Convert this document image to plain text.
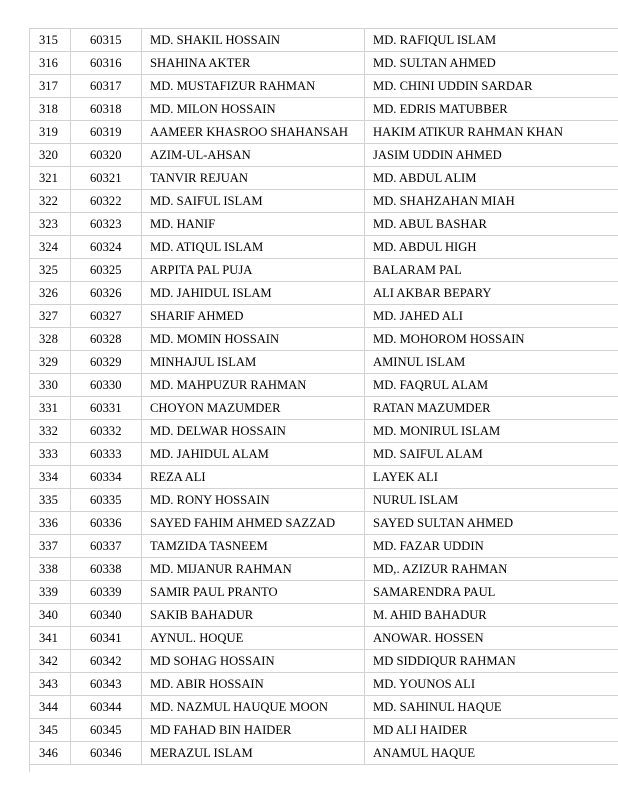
315	60315	MD. SHAKIL HOSSAIN	MD. RAFIQUL ISLAM
316	60316	SHAHINA AKTER	MD. SULTAN AHMED
317	60317	MD. MUSTAFIZUR RAHMAN	MD. CHINI UDDIN SARDAR
318	60318	MD. MILON HOSSAIN	MD. EDRIS MATUBBER
319	60319	AAMEER KHASROO SHAHANSAH	HAKIM ATIKUR RAHMAN KHAN
320	60320	AZIM-UL-AHSAN	JASIM UDDIN AHMED
321	60321	TANVIR REJUAN	MD. ABDUL ALIM
322	60322	MD. SAIFUL ISLAM	MD. SHAHZAHAN MIAH
323	60323	MD. HANIF	MD. ABUL BASHAR
324	60324	MD. ATIQUL ISLAM	MD. ABDUL HIGH
325	60325	ARPITA PAL PUJA	BALARAM PAL
326	60326	MD. JAHIDUL ISLAM	ALI AKBAR BEPARY
327	60327	SHARIF AHMED	MD. JAHED ALI
328	60328	MD. MOMIN HOSSAIN	MD. MOHOROM HOSSAIN
329	60329	MINHAJUL ISLAM	AMINUL ISLAM
330	60330	MD. MAHPUZUR RAHMAN	MD. FAQRUL ALAM
331	60331	CHOYON MAZUMDER	RATAN MAZUMDER
332	60332	MD. DELWAR HOSSAIN	MD. MONIRUL ISLAM
333	60333	MD. JAHIDUL ALAM	MD. SAIFUL ALAM
334	60334	REZA ALI	LAYEK ALI
335	60335	MD. RONY HOSSAIN	NURUL ISLAM
336	60336	SAYED FAHIM AHMED SAZZAD	SAYED SULTAN AHMED
337	60337	TAMZIDA TASNEEM	MD. FAZAR UDDIN
338	60338	MD. MIJANUR RAHMAN	MD,. AZIZUR RAHMAN
339	60339	SAMIR PAUL PRANTO	SAMARENDRA PAUL
340	60340	SAKIB BAHADUR	M. AHID BAHADUR
341	60341	AYNUL. HOQUE	ANOWAR. HOSSEN
342	60342	MD SOHAG HOSSAIN	MD SIDDIQUR RAHMAN
343	60343	MD. ABIR HOSSAIN	MD. YOUNOS ALI
344	60344	MD. NAZMUL HAUQUE MOON	MD. SAHINUL HAQUE
345	60345	MD FAHAD BIN HAIDER	MD ALI HAIDER
346	60346	MERAZUL ISLAM	ANAMUL HAQUE
